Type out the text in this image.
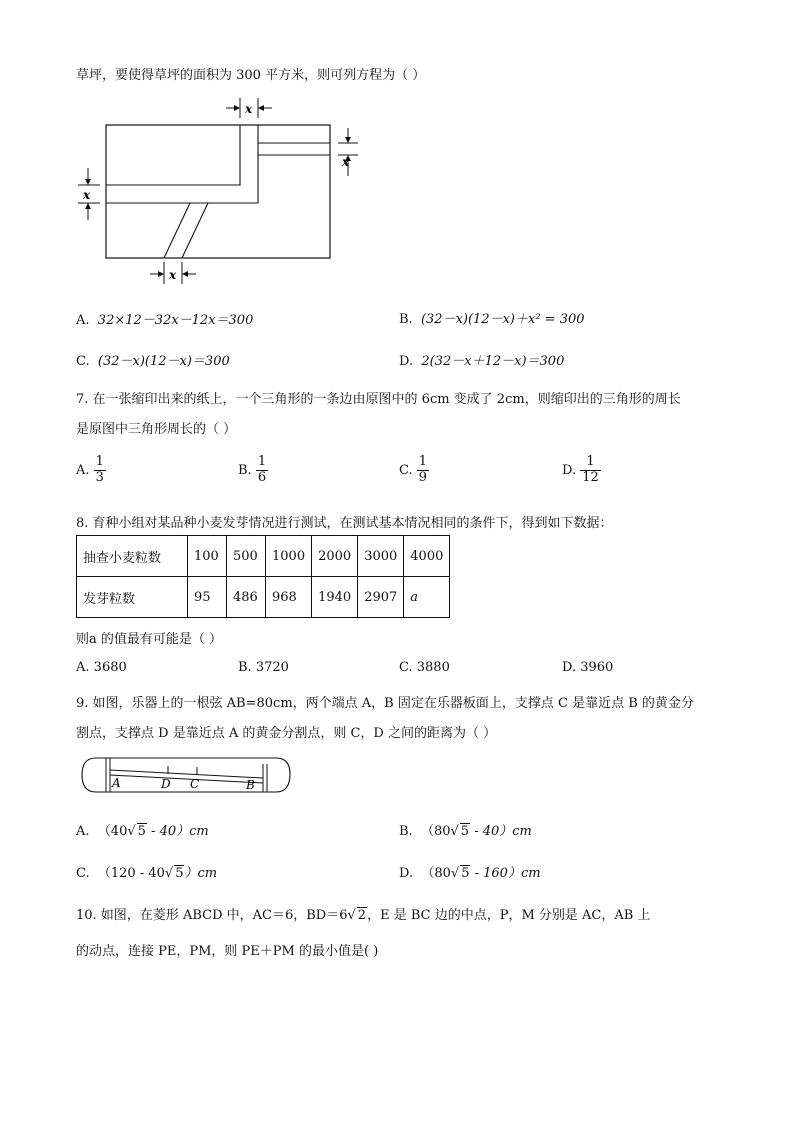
草坪，要使得草坪的面积为 300 平方米，则可列方程为（ ）
x
x
x
x
A. 32×12－32x－12x＝300	B. (32－x)(12－x)＋x² = 300
C. (32－x)(12－x)＝300	D. 2(32－x＋12－x)＝300
7. 在一张缩印出来的纸上，一个三角形的一条边由原图中的 6cm 变成了 2cm，则缩印出的三角形的周长
是原图中三角形周长的（ ）
A. $\frac{1}{3}$	B. $\frac{1}{6}$	C. $\frac{1}{9}$	D. $\frac{1}{12}$
8. 育种小组对某品种小麦发芽情况进行测试，在测试基本情况相同的条件下，得到如下数据：
抽查小麦粒数	100	500	1000	2000	3000	4000
发芽粒数	95	486	968	1940	2907	a
则a 的值最有可能是（ ）
A. 3680	B. 3720	C. 3880	D. 3960
9. 如图，乐器上的一根弦 AB=80cm，两个端点 A，B 固定在乐器板面上，支撑点 C 是靠近点 B 的黄金分
割点，支撑点 D 是靠近点 A 的黄金分割点，则 C，D 之间的距离为（ ）
A	D C	B
A. （40√ 5 - 40）cm	B. （80√ 5 - 40）cm
C. （120 - 40√ 5）cm	D. （80√ 5 - 160）cm
10. 如图，在菱形 ABCD 中，AC＝6，BD＝6√ 2，E 是 BC 边的中点，P，M 分别是 AC，AB 上
的动点，连接 PE，PM，则 PE＋PM 的最小值是( )
